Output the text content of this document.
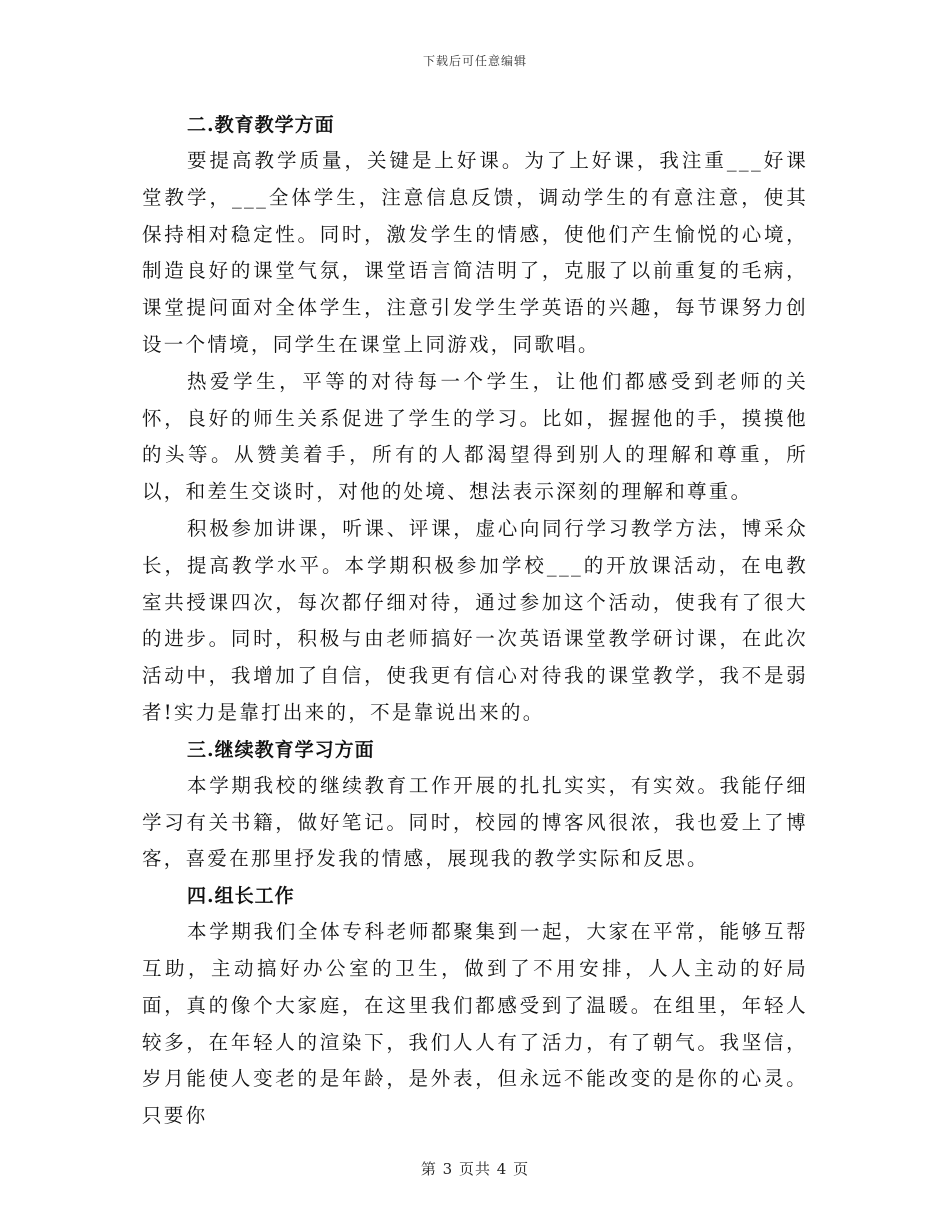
下载后可任意编辑
二.教育教学方面

要提高教学质量，关键是上好课。为了上好课，我注重___好课堂教学，___全体学生，注意信息反馈，调动学生的有意注意，使其保持相对稳定性。同时，激发学生的情感，使他们产生愉悦的心境，制造良好的课堂气氛，课堂语言简洁明了，克服了以前重复的毛病，课堂提问面对全体学生，注意引发学生学英语的兴趣，每节课努力创设一个情境，同学生在课堂上同游戏，同歌唱。

热爱学生，平等的对待每一个学生，让他们都感受到老师的关怀，良好的师生关系促进了学生的学习。比如，握握他的手，摸摸他的头等。从赞美着手，所有的人都渴望得到别人的理解和尊重，所以，和差生交谈时，对他的处境、想法表示深刻的理解和尊重。

积极参加讲课，听课、评课，虚心向同行学习教学方法，博采众长，提高教学水平。本学期积极参加学校___的开放课活动，在电教室共授课四次，每次都仔细对待，通过参加这个活动，使我有了很大的进步。同时，积极与由老师搞好一次英语课堂教学研讨课，在此次活动中，我增加了自信，使我更有信心对待我的课堂教学，我不是弱者!实力是靠打出来的，不是靠说出来的。

三.继续教育学习方面

本学期我校的继续教育工作开展的扎扎实实，有实效。我能仔细学习有关书籍，做好笔记。同时，校园的博客风很浓，我也爱上了博客，喜爱在那里抒发我的情感，展现我的教学实际和反思。

四.组长工作

本学期我们全体专科老师都聚集到一起，大家在平常，能够互帮互助，主动搞好办公室的卫生，做到了不用安排，人人主动的好局面，真的像个大家庭，在这里我们都感受到了温暖。在组里，年轻人较多，在年轻人的渲染下，我们人人有了活力，有了朝气。我坚信，岁月能使人变老的是年龄，是外表，但永远不能改变的是你的心灵。只要你

第 3 页共 4 页
